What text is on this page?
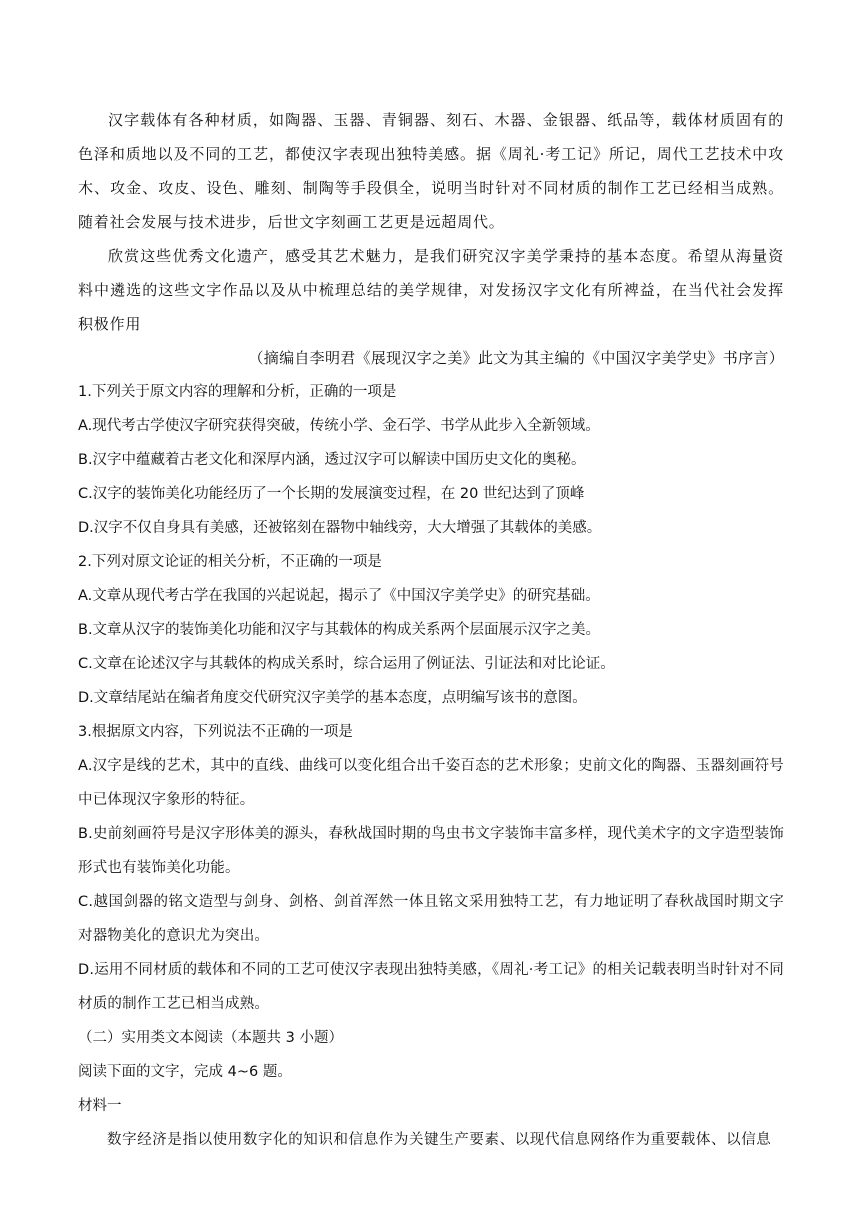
汉字载体有各种材质，如陶器、玉器、青铜器、刻石、木器、金银器、纸品等，载体材质固有的色泽和质地以及不同的工艺，都使汉字表现出独特美感。据《周礼·考工记》所记，周代工艺技术中攻木、攻金、攻皮、设色、雕刻、制陶等手段俱全，说明当时针对不同材质的制作工艺已经相当成熟。随着社会发展与技术进步，后世文字刻画工艺更是远超周代。

欣赏这些优秀文化遗产，感受其艺术魅力，是我们研究汉字美学秉持的基本态度。希望从海量资料中遴选的这些文字作品以及从中梳理总结的美学规律，对发扬汉字文化有所裨益，在当代社会发挥积极作用

（摘编自李明君《展现汉字之美》此文为其主编的《中国汉字美学史》书序言）

1.下列关于原文内容的理解和分析，正确的一项是

A.现代考古学使汉字研究获得突破，传统小学、金石学、书学从此步入全新领域。

B.汉字中蕴藏着古老文化和深厚内涵，透过汉字可以解读中国历史文化的奥秘。

C.汉字的装饰美化功能经历了一个长期的发展演变过程，在 20 世纪达到了顶峰

D.汉字不仅自身具有美感，还被铭刻在器物中轴线旁，大大增强了其载体的美感。

2.下列对原文论证的相关分析，不正确的一项是

A.文章从现代考古学在我国的兴起说起，揭示了《中国汉字美学史》的研究基础。

B.文章从汉字的装饰美化功能和汉字与其载体的构成关系两个层面展示汉字之美。

C.文章在论述汉字与其载体的构成关系时，综合运用了例证法、引证法和对比论证。

D.文章结尾站在编者角度交代研究汉字美学的基本态度，点明编写该书的意图。

3.根据原文内容，下列说法不正确的一项是

A.汉字是线的艺术，其中的直线、曲线可以变化组合出千姿百态的艺术形象；史前文化的陶器、玉器刻画符号中已体现汉字象形的特征。

B.史前刻画符号是汉字形体美的源头，春秋战国时期的鸟虫书文字装饰丰富多样，现代美术字的文字造型装饰形式也有装饰美化功能。

C.越国剑器的铭文造型与剑身、剑格、剑首浑然一体且铭文采用独特工艺，有力地证明了春秋战国时期文字对器物美化的意识尤为突出。

D.运用不同材质的载体和不同的工艺可使汉字表现出独特美感，《周礼·考工记》的相关记载表明当时针对不同材质的制作工艺已相当成熟。

（二）实用类文本阅读（本题共 3 小题）

阅读下面的文字，完成 4~6 题。

材料一

数字经济是指以使用数字化的知识和信息作为关键生产要素、以现代信息网络作为重要载体、以信息
